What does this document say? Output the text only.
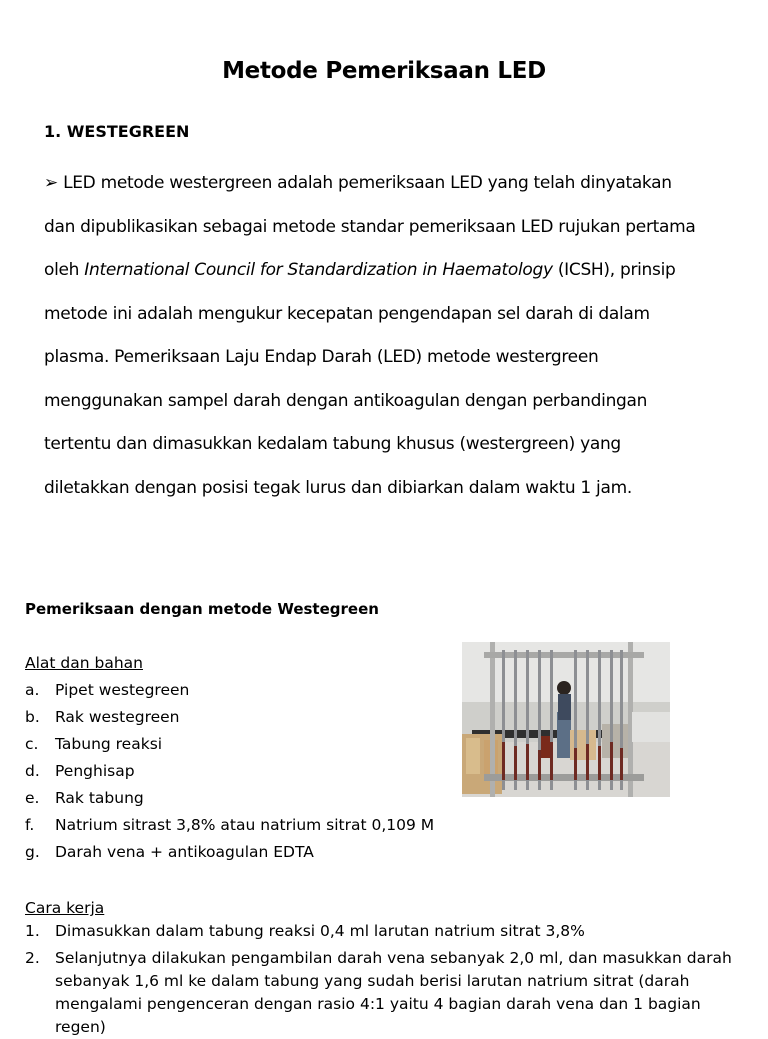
Metode Pemeriksaan LED
1. WESTEGREEN
➢ LED metode westergreen adalah pemeriksaan LED yang telah dinyatakan
dan dipublikasikan sebagai metode standar pemeriksaan LED rujukan pertama
oleh International Council for Standardization in Haematology (ICSH), prinsip
metode ini adalah mengukur kecepatan pengendapan sel darah di dalam
plasma. Pemeriksaan Laju Endap Darah (LED) metode westergreen
menggunakan sampel darah dengan antikoagulan dengan perbandingan
tertentu dan dimasukkan kedalam tabung khusus (westergreen) yang
diletakkan dengan posisi tegak lurus dan dibiarkan dalam waktu 1 jam.
Pemeriksaan dengan metode Westegreen
Alat dan bahan
a.	Pipet westegreen
b. Rak westegreen
c.	Tabung reaksi
d. Penghisap
e.	Rak tabung
f.	Natrium sitrast 3,8% atau natrium sitrat 0,109 M
g. Darah vena + antikoagulan EDTA
Cara kerja
1. Dimasukkan dalam tabung reaksi 0,4 ml larutan natrium sitrat 3,8%
2. Selanjutnya dilakukan pengambilan darah vena sebanyak 2,0 ml, dan masukkan darah sebanyak 1,6 ml ke dalam tabung yang sudah berisi larutan natrium sitrat (darah mengalami pengenceran dengan rasio 4:1 yaitu 4 bagian darah vena dan 1 bagian regen)
